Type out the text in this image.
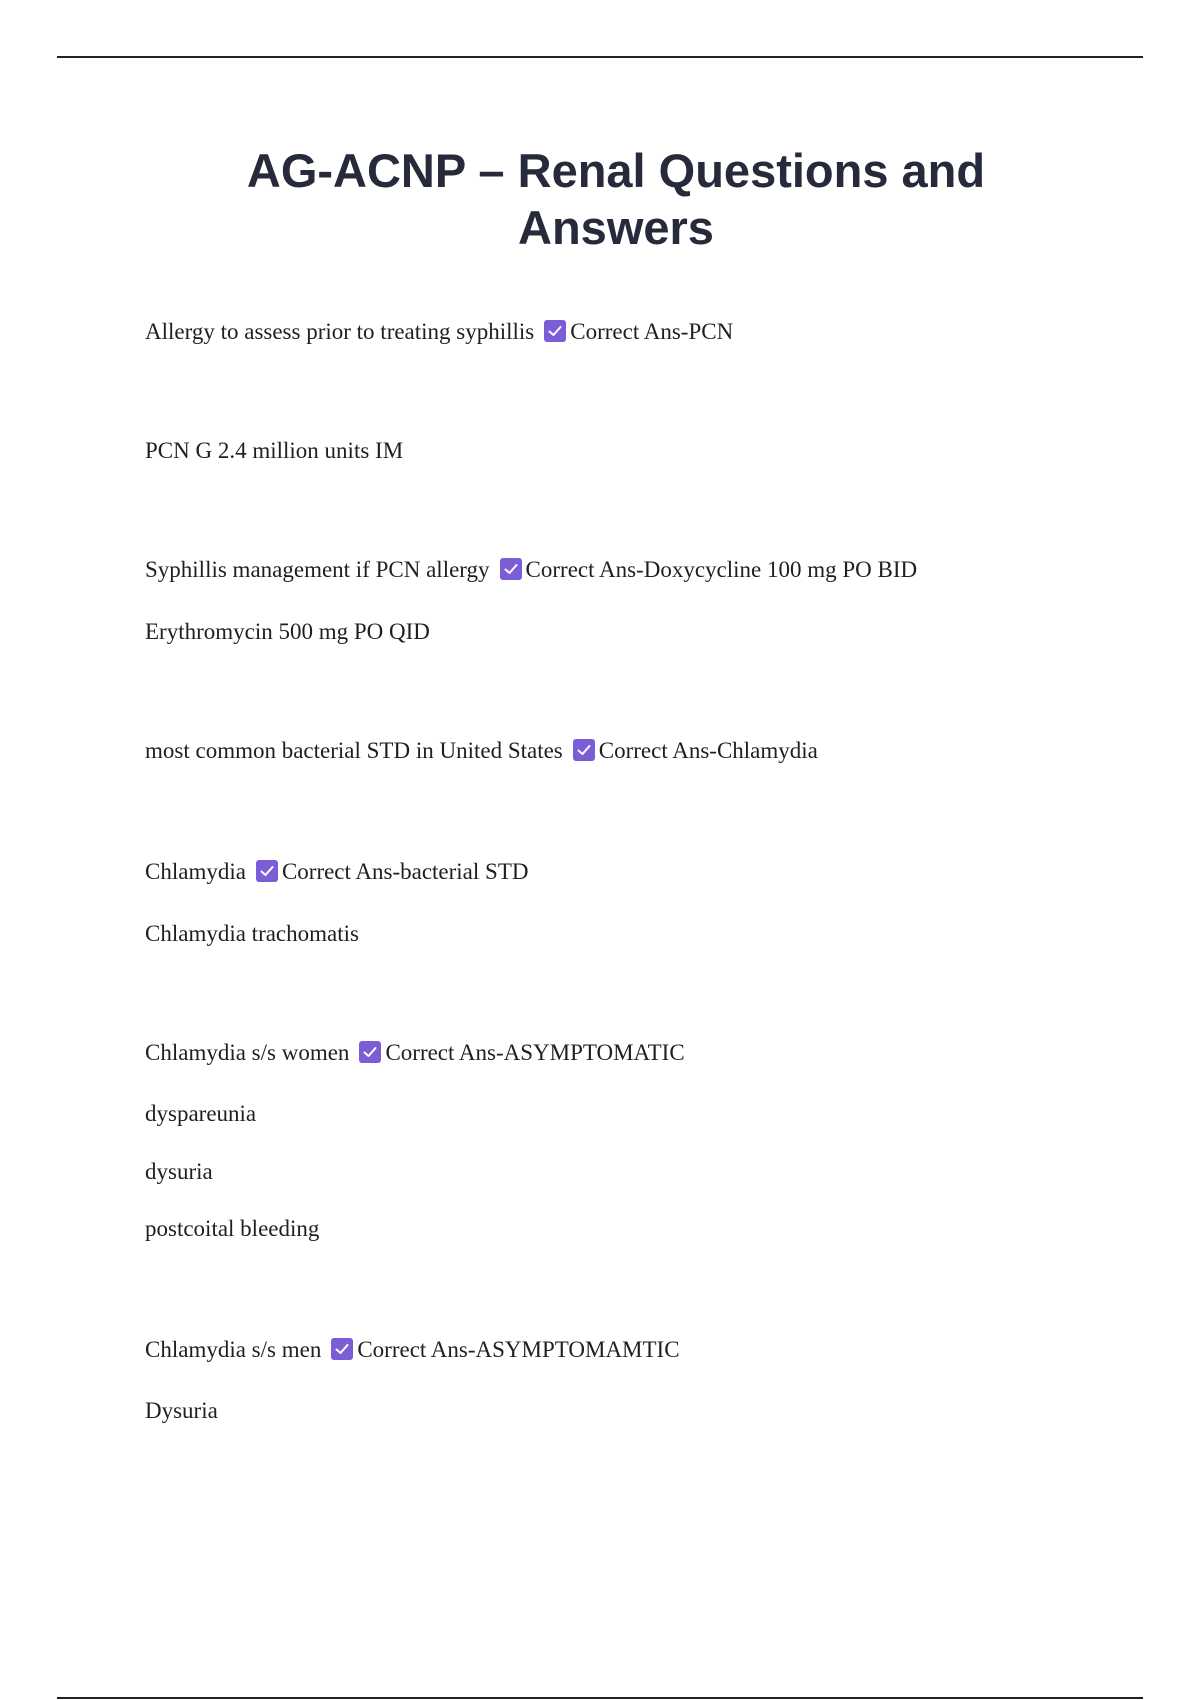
AG-ACNP – Renal Questions and Answers
Allergy to assess prior to treating syphillis Correct Ans-PCN
PCN G 2.4 million units IM
Syphillis management if PCN allergy Correct Ans-Doxycycline 100 mg PO BID
Erythromycin 500 mg PO QID
most common bacterial STD in United States Correct Ans-Chlamydia
Chlamydia Correct Ans-bacterial STD
Chlamydia trachomatis
Chlamydia s/s women Correct Ans-ASYMPTOMATIC
dyspareunia
dysuria
postcoital bleeding
Chlamydia s/s men Correct Ans-ASYMPTOMAMTIC
Dysuria
